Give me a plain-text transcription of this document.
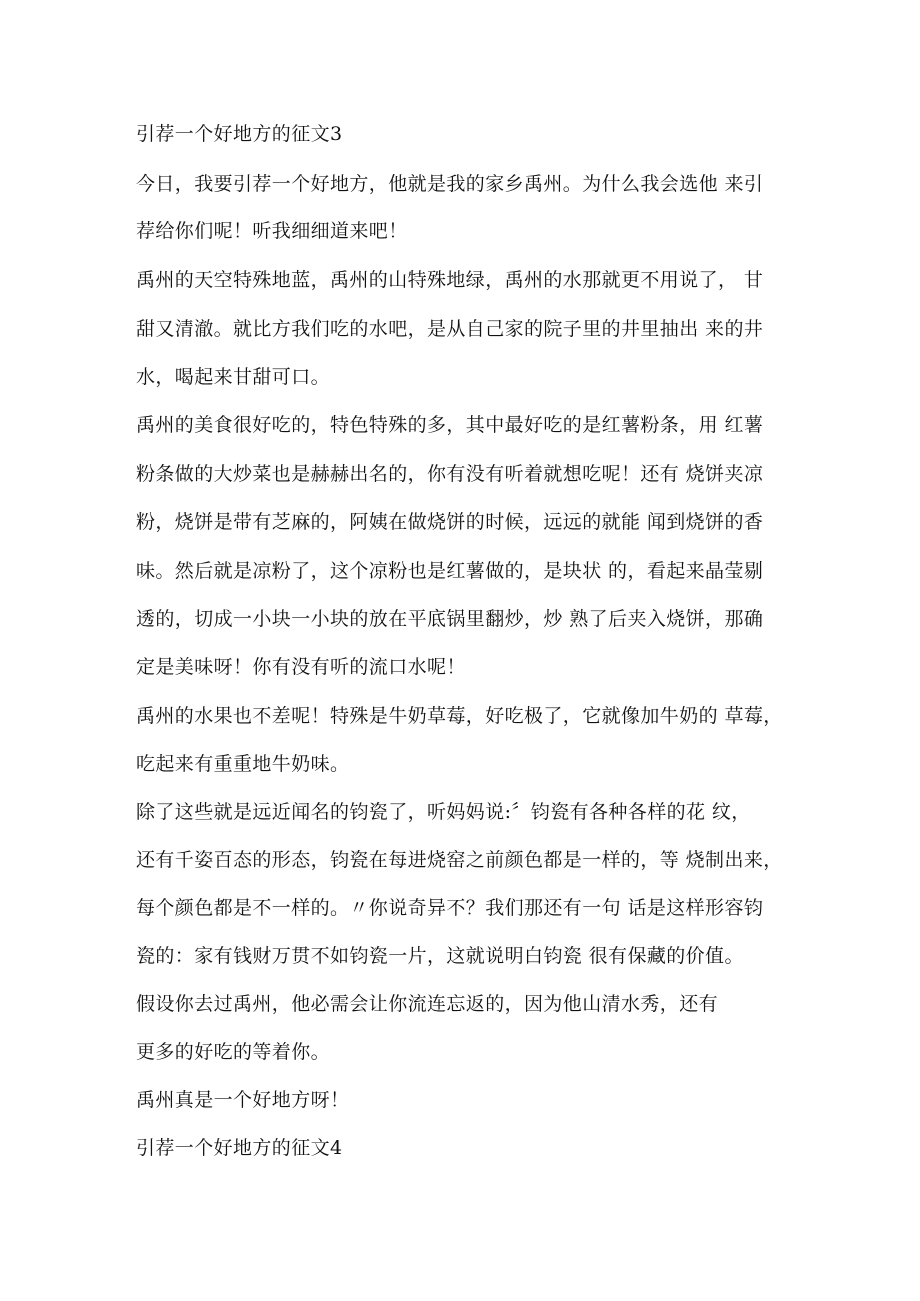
引荐一个好地方的征文3
今日，我要引荐一个好地方，他就是我的家乡禹州。为什么我会选他 来引
荐给你们呢！听我细细道来吧！
禹州的天空特殊地蓝，禹州的山特殊地绿，禹州的水那就更不用说了， 甘
甜又清澈。就比方我们吃的水吧，是从自己家的院子里的井里抽出 来的井
水，喝起来甘甜可口。
禹州的美食很好吃的，特色特殊的多，其中最好吃的是红薯粉条，用 红薯
粉条做的大炒菜也是赫赫出名的，你有没有听着就想吃呢！还有 烧饼夹凉
粉，烧饼是带有芝麻的，阿姨在做烧饼的时候，远远的就能 闻到烧饼的香
味。然后就是凉粉了，这个凉粉也是红薯做的，是块状 的，看起来晶莹剔
透的，切成一小块一小块的放在平底锅里翻炒，炒 熟了后夹入烧饼，那确
定是美味呀！你有没有听的流口水呢！
禹州的水果也不差呢！特殊是牛奶草莓，好吃极了，它就像加牛奶的 草莓，
吃起来有重重地牛奶味。
除了这些就是远近闻名的钧瓷了，听妈妈说:〞钧瓷有各种各样的花 纹，
还有千姿百态的形态，钧瓷在每进烧窑之前颜色都是一样的，等 烧制出来，
每个颜色都是不一样的。〃你说奇异不？我们那还有一句 话是这样形容钧
瓷的：家有钱财万贯不如钧瓷一片，这就说明白钧瓷 很有保藏的价值。
假设你去过禹州，他必需会让你流连忘返的，因为他山清水秀，还有
更多的好吃的等着你。
禹州真是一个好地方呀！
引荐一个好地方的征文4
